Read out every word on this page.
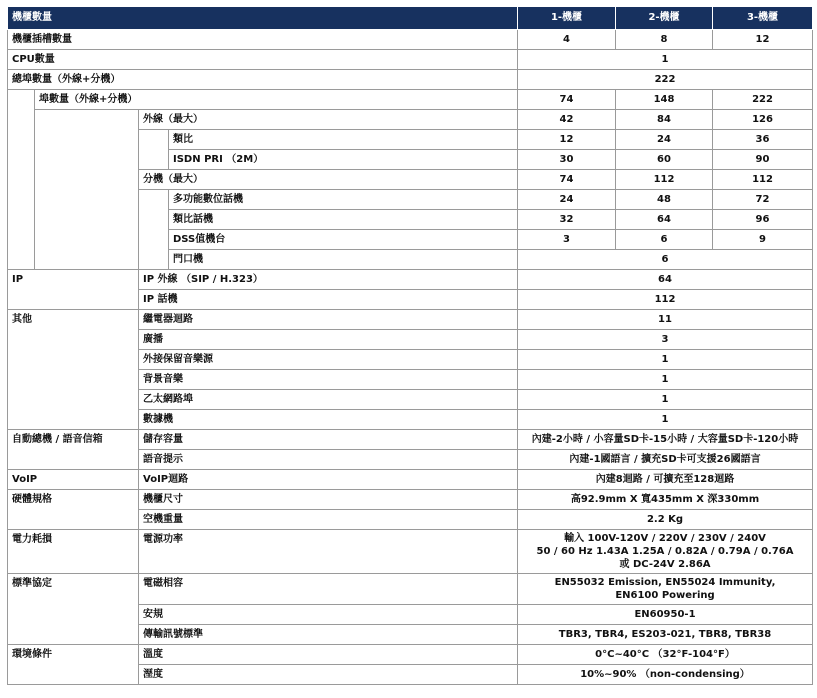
機櫃數量				1-機櫃	2-機櫃	3-機櫃
機櫃插槽數量				4	8	12
CPU數量				1		
總埠數量（外線+分機）				222		
	埠數量（外線+分機）			74	148	222
		外線（最大）		42	84	126
			類比	12	24	36
			ISDN PRI （2M）	30	60	90
		分機（最大）		74	112	112
			多功能數位話機	24	48	72
			類比話機	32	64	96
			DSS值機台	3	6	9
			門口機	6		
IP		IP 外線 （SIP / H.323）		64		
		IP 話機		112		
其他		繼電器迴路		11		
		廣播		3		
		外接保留音樂源		1		
		背景音樂		1		
		乙太網路埠		1		
		數據機		1		
自動總機 / 語音信箱		儲存容量		內建-2小時 / 小容量SD卡-15小時 / 大容量SD卡-120小時		
		語音提示		內建-1國語言 / 擴充SD卡可支援26國語言		
VoIP		VoIP迴路		內建8迴路 / 可擴充至128迴路		
硬體規格		機櫃尺寸		高92.9mm X 寬435mm X 深330mm		
		空機重量		2.2 Kg		
電力耗損		電源功率		輸入 100V-120V / 220V / 230V / 240V
50 / 60 Hz 1.43A 1.25A / 0.82A / 0.79A / 0.76A
或 DC-24V 2.86A		

標準協定		電磁相容		EN55032 Emission, EN55024 Immunity,
EN6100 Powering		

		安規		EN60950-1		
		傳輸訊號標準		TBR3, TBR4, ES203-021, TBR8, TBR38		
環境條件		溫度		0°C~40°C （32°F-104°F）		
		溼度		10%~90% （non-condensing）		
